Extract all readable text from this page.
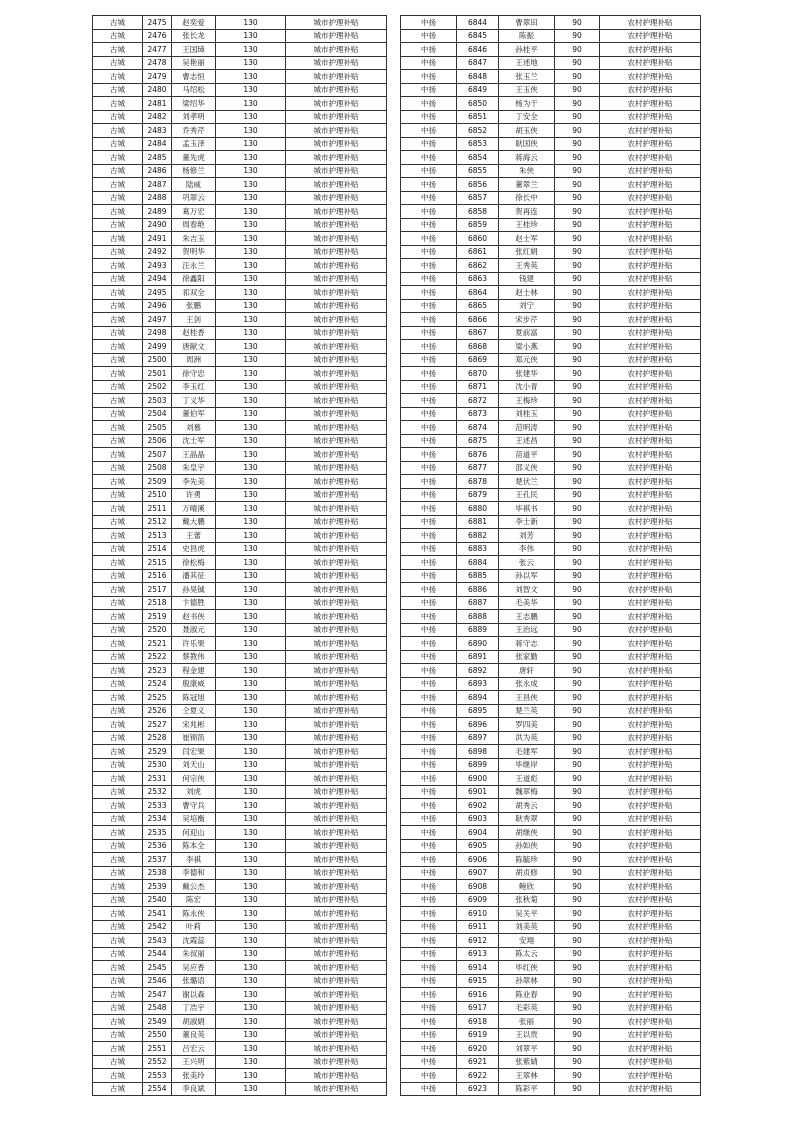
古城	2475	赵奕爱	130	城市护理补贴
古城	2476	张长龙	130	城市护理补贴
古城	2477	王国璋	130	城市护理补贴
古城	2478	吴艳丽	130	城市护理补贴
古城	2479	曹志恒	130	城市护理补贴
古城	2480	马绍松	130	城市护理补贴
古城	2481	梁绍华	130	城市护理补贴
古城	2482	刘孝明	130	城市护理补贴
古城	2483	乔秀芹	130	城市护理补贴
古城	2484	孟玉泽	130	城市护理补贴
古城	2485	董先虎	130	城市护理补贴
古城	2486	杨修兰	130	城市护理补贴
古城	2487	陆威	130	城市护理补贴
古城	2488	巩翠云	130	城市护理补贴
古城	2489	葛万宏	130	城市护理补贴
古城	2490	周春艳	130	城市护理补贴
古城	2491	朱吉玉	130	城市护理补贴
古城	2492	贺明华	130	城市护理补贴
古城	2493	汪永兰	130	城市护理补贴
古城	2494	徐鑫阳	130	城市护理补贴
古城	2495	祁双全	130	城市护理补贴
古城	2496	张鹏	130	城市护理补贴
古城	2497	王剑	130	城市护理补贴
古城	2498	赵桂香	130	城市护理补贴
古城	2499	唐献文	130	城市护理补贴
古城	2500	周洲	130	城市护理补贴
古城	2501	徐守忠	130	城市护理补贴
古城	2502	李玉红	130	城市护理补贴
古城	2503	丁义华	130	城市护理补贴
古城	2504	董伯军	130	城市护理补贴
古城	2505	刘慕	130	城市护理补贴
古城	2506	沈士军	130	城市护理补贴
古城	2507	王晶晶	130	城市护理补贴
古城	2508	朱皇宇	130	城市护理补贴
古城	2509	李先美	130	城市护理补贴
古城	2510	许勇	130	城市护理补贴
古城	2511	万晴溪	130	城市护理补贴
古城	2512	戴大鹏	130	城市护理补贴
古城	2513	王蕾	130	城市护理补贴
古城	2514	史昌虎	130	城市护理补贴
古城	2515	徐松梅	130	城市护理补贴
古城	2516	潘其征	130	城市护理补贴
古城	2517	孙昊铖	130	城市护理补贴
古城	2518	卞德胜	130	城市护理补贴
古城	2519	赵书侠	130	城市护理补贴
古城	2520	聂淑元	130	城市护理补贴
古城	2521	许乐果	130	城市护理补贴
古城	2522	蔡教伟	130	城市护理补贴
古城	2523	程金建	130	城市护理补贴
古城	2524	殷康威	130	城市护理补贴
古城	2525	陈冠旭	130	城市护理补贴
古城	2526	仝夏义	130	城市护理补贴
古城	2527	宋兆彬	130	城市护理补贴
古城	2528	崔锦笛	130	城市护理补贴
古城	2529	闫宏果	130	城市护理补贴
古城	2530	刘天山	130	城市护理补贴
古城	2531	何宗侠	130	城市护理补贴
古城	2532	刘虎	130	城市护理补贴
古城	2533	曹守兵	130	城市护理补贴
古城	2534	吴培衡	130	城市护理补贴
古城	2535	何迎山	130	城市护理补贴
古城	2536	陈本全	130	城市护理补贴
古城	2537	李祺	130	城市护理补贴
古城	2538	李德和	130	城市护理补贴
古城	2539	戴公杰	130	城市护理补贴
古城	2540	陈宏	130	城市护理补贴
古城	2541	陈永侠	130	城市护理补贴
古城	2542	叶莉	130	城市护理补贴
古城	2543	沈霞蕊	130	城市护理补贴
古城	2544	朱叔丽	130	城市护理补贴
古城	2545	吴应香	130	城市护理补贴
古城	2546	张璐语	130	城市护理补贴
古城	2547	谢以森	130	城市护理补贴
古城	2548	丁浩宇	130	城市护理补贴
古城	2549	胡淑娟	130	城市护理补贴
古城	2550	董良英	130	城市护理补贴
古城	2551	吕宏云	130	城市护理补贴
古城	2552	王兴明	130	城市护理补贴
古城	2553	张美玲	130	城市护理补贴
古城	2554	李良斌	130	城市护理补贴
中扬	6844	曹翠田	90	农村护理补贴
中扬	6845	陈振	90	农村护理补贴
中扬	6846	孙桂平	90	农村护理补贴
中扬	6847	王述地	90	农村护理补贴
中扬	6848	张玉兰	90	农村护理补贴
中扬	6849	王玉侠	90	农村护理补贴
中扬	6850	杨为干	90	农村护理补贴
中扬	6851	丁安全	90	农村护理补贴
中扬	6852	胡玉侠	90	农村护理补贴
中扬	6853	耿国侠	90	农村护理补贴
中扬	6854	蒋海云	90	农村护理补贴
中扬	6855	朱侠	90	农村护理补贴
中扬	6856	董翠兰	90	农村护理补贴
中扬	6857	徐长中	90	农村护理补贴
中扬	6858	贺再连	90	农村护理补贴
中扬	6859	王桂珍	90	农村护理补贴
中扬	6860	赵士军	90	农村护理补贴
中扬	6861	张红娟	90	农村护理补贴
中扬	6862	王秀英	90	农村护理补贴
中扬	6863	钱建	90	农村护理补贴
中扬	6864	赵士林	90	农村护理补贴
中扬	6865	刘宁	90	农村护理补贴
中扬	6866	宋步芹	90	农村护理补贴
中扬	6867	夏前富	90	农村护理补贴
中扬	6868	梁小燕	90	农村护理补贴
中扬	6869	郑元侠	90	农村护理补贴
中扬	6870	张建华	90	农村护理补贴
中扬	6871	沈小青	90	农村护理补贴
中扬	6872	王梅珍	90	农村护理补贴
中扬	6873	刘桂玉	90	农村护理补贴
中扬	6874	范明涛	90	农村护理补贴
中扬	6875	王述昌	90	农村护理补贴
中扬	6876	苗道平	90	农村护理补贴
中扬	6877	邵义侠	90	农村护理补贴
中扬	6878	楚伏兰	90	农村护理补贴
中扬	6879	王孔民	90	农村护理补贴
中扬	6880	毕祺书	90	农村护理补贴
中扬	6881	李士新	90	农村护理补贴
中扬	6882	刘芳	90	农村护理补贴
中扬	6883	李伟	90	农村护理补贴
中扬	6884	张云	90	农村护理补贴
中扬	6885	孙以军	90	农村护理补贴
中扬	6886	刘智文	90	农村护理补贴
中扬	6887	毛美华	90	农村护理补贴
中扬	6888	王志鹏	90	农村护理补贴
中扬	6889	王治远	90	农村护理补贴
中扬	6890	蒋守志	90	农村护理补贴
中扬	6891	张家勤	90	农村护理补贴
中扬	6892	唐轩	90	农村护理补贴
中扬	6893	张永成	90	农村护理补贴
中扬	6894	王昌侠	90	农村护理补贴
中扬	6895	楚兰英	90	农村护理补贴
中扬	6896	罗四美	90	农村护理补贴
中扬	6897	洪为英	90	农村护理补贴
中扬	6898	毛建军	90	农村护理补贴
中扬	6899	毕继岸	90	农村护理补贴
中扬	6900	王道彪	90	农村护理补贴
中扬	6901	魏翠梅	90	农村护理补贴
中扬	6902	胡秀云	90	农村护理补贴
中扬	6903	耿秀翠	90	农村护理补贴
中扬	6904	胡继侠	90	农村护理补贴
中扬	6905	孙如侠	90	农村护理补贴
中扬	6906	陈毓珍	90	农村护理补贴
中扬	6907	胡贞修	90	农村护理补贴
中扬	6908	鲍欣	90	农村护理补贴
中扬	6909	张秋菊	90	农村护理补贴
中扬	6910	吴关平	90	农村护理补贴
中扬	6911	刘美英	90	农村护理补贴
中扬	6912	安翔	90	农村护理补贴
中扬	6913	陈太云	90	农村护理补贴
中扬	6914	毕红侠	90	农村护理补贴
中扬	6915	孙翠林	90	农村护理补贴
中扬	6916	陈业春	90	农村护理补贴
中扬	6917	毛彩英	90	农村护理补贴
中扬	6918	张丽	90	农村护理补贴
中扬	6919	王以贵	90	农村护理补贴
中扬	6920	刘翠平	90	农村护理补贴
中扬	6921	张紫婧	90	农村护理补贴
中扬	6922	王翠林	90	农村护理补贴
中扬	6923	陈彩平	90	农村护理补贴
